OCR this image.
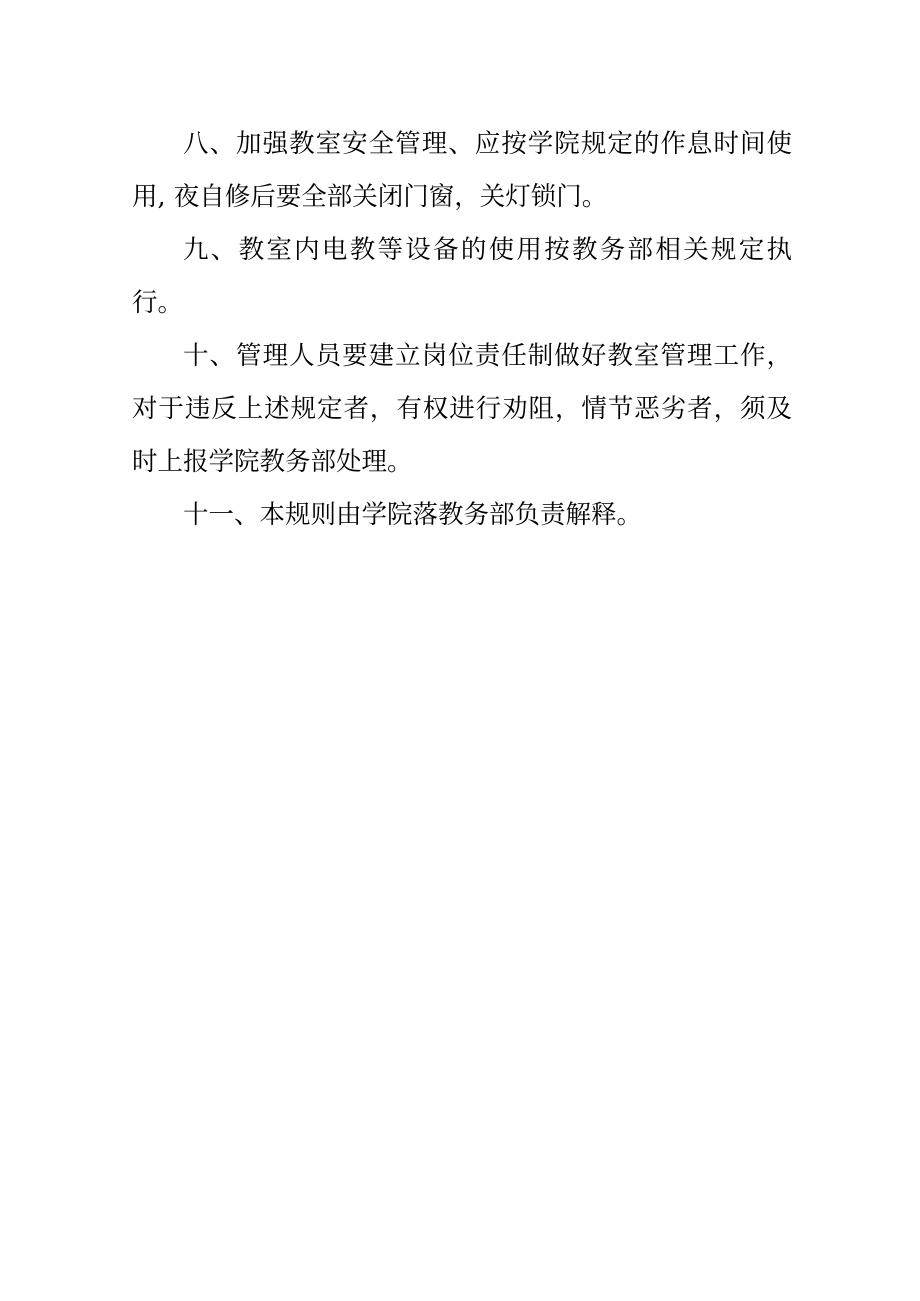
八、加强教室安全管理、应按学院规定的作息时间使用, 夜自修后要全部关闭门窗，关灯锁门。

九、教室内电教等设备的使用按教务部相关规定执行。

十、管理人员要建立岗位责任制做好教室管理工作，对于违反上述规定者，有权进行劝阻，情节恶劣者，须及时上报学院教务部处理。

十一、本规则由学院落教务部负责解释。
